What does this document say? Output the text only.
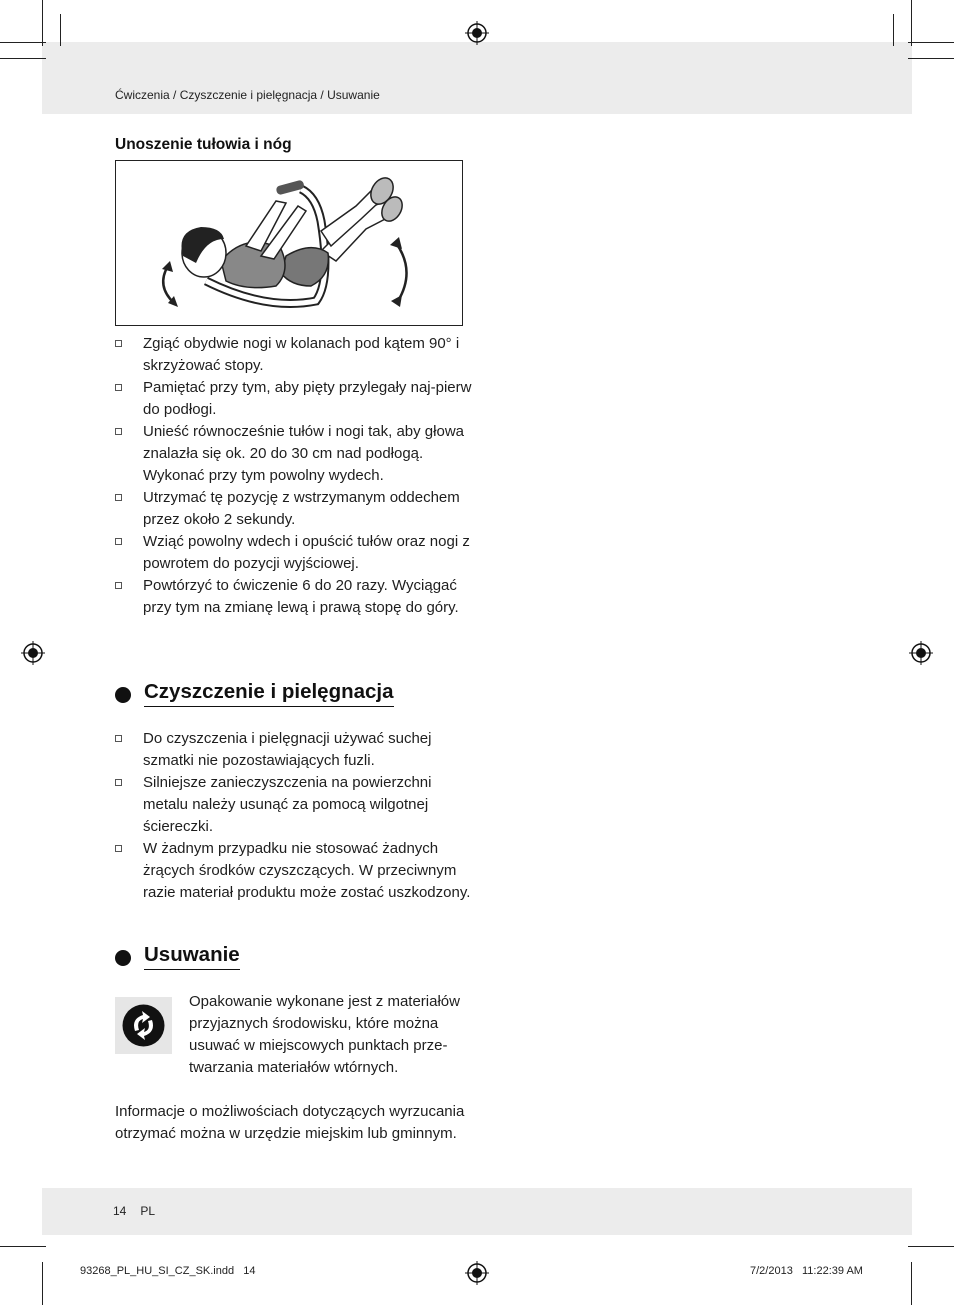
Ćwiczenia / Czyszczenie i pielęgnacja / Usuwanie
Unoszenie tułowia i nóg
Zgiąć obydwie nogi w kolanach pod kątem 90° i skrzyżować stopy.
Pamiętać przy tym, aby pięty przylegały naj-pierw do podłogi.
Unieść równocześnie tułów i nogi tak, aby głowa znalazła się ok. 20 do 30 cm nad podłogą. Wykonać przy tym powolny wydech.
Utrzymać tę pozycję z wstrzymanym oddechem przez około 2 sekundy.
Wziąć powolny wdech i opuścić tułów oraz nogi z powrotem do pozycji wyjściowej.
Powtórzyć to ćwiczenie 6 do 20 razy. Wyciągać przy tym na zmianę lewą i prawą stopę do góry.
Czyszczenie i pielęgnacja
Do czyszczenia i pielęgnacji używać suchej szmatki nie pozostawiających fuzli.
Silniejsze zanieczyszczenia na powierzchni metalu należy usunąć za pomocą wilgotnej ściereczki.
W żadnym przypadku nie stosować żadnych żrących środków czyszczących. W przeciwnym razie materiał produktu może zostać uszkodzony.
Usuwanie
Opakowanie wykonane jest z materiałów przyjaznych środowisku, które można usuwać w miejscowych punktach prze-twarzania materiałów wtórnych.
Informacje o możliwościach dotyczących wyrzucania otrzymać można w urzędzie miejskim lub gminnym.
14 PL
93268_PL_HU_SI_CZ_SK.indd   14	7/2/2013   11:22:39 AM
